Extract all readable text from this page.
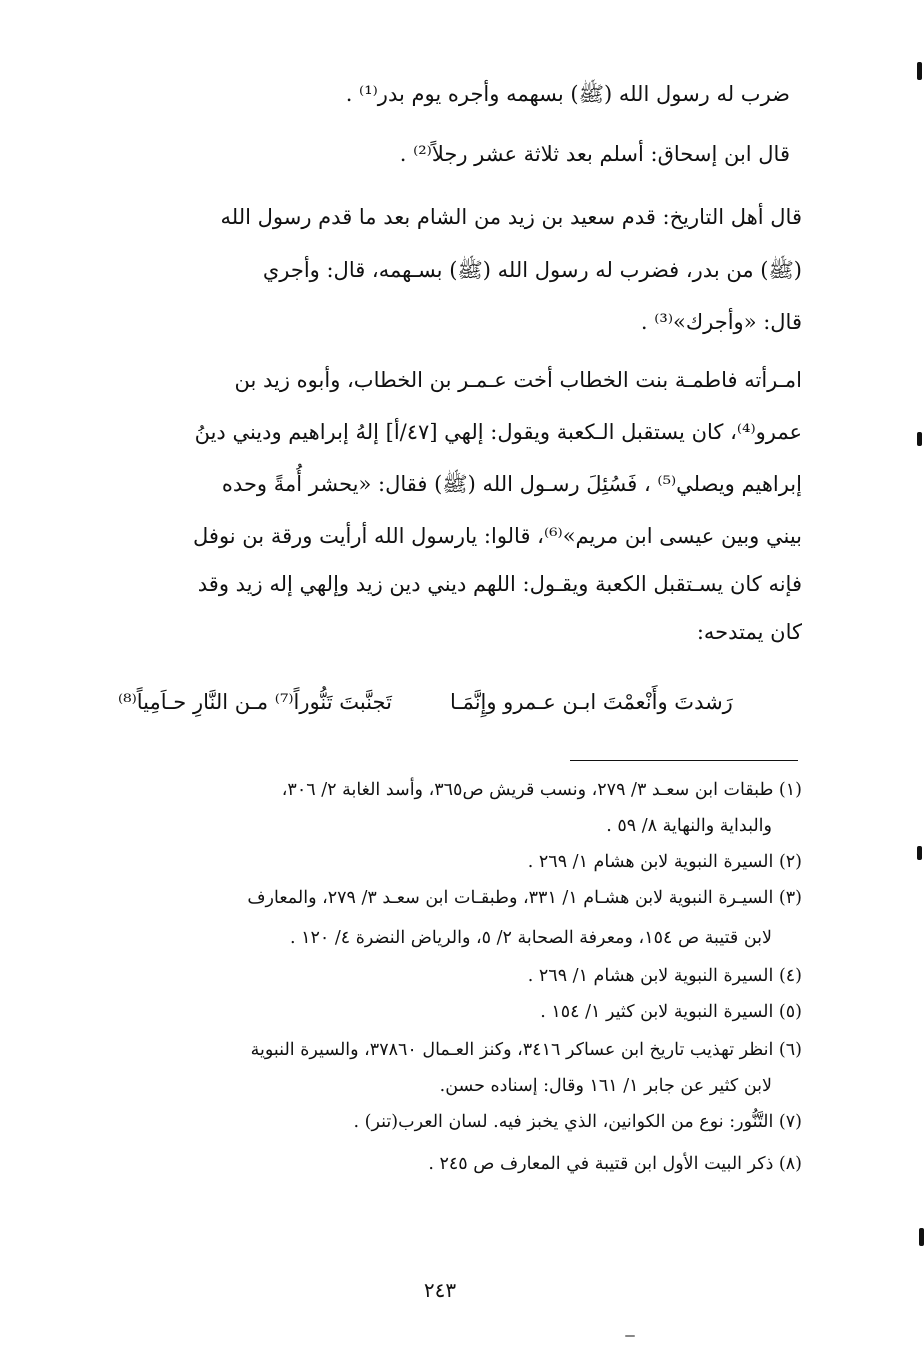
ضرب له رسول الله (ﷺ) بسهمه وأجره يوم بدر⁽¹⁾ .
قال ابن إسحاق: أسلم بعد ثلاثة عشر رجلاً⁽²⁾ .
قال أهل التاريخ: قدم سعيد بن زيد من الشام بعد ما قدم رسول الله
(ﷺ) من بدر، فضرب له رسول الله (ﷺ) بسـهمه، قال: وأجري
قال: «وأجرك»⁽³⁾ .
امـرأته فاطمـة بنت الخطاب أخت عـمـر بن الخطاب، وأبوه زيد بن
عمرو⁽⁴⁾، كان يستقبل الـكعبة ويقول: إلهي [٤٧/أ] إلهُ إبراهيم وديني دينُ
إبراهيم ويصلي⁽⁵⁾ ، فَسُئِلَ رسـول الله (ﷺ) فقال: «يحشر أُمةً وحده
بيني وبين عيسى ابن مريم»⁽⁶⁾، قالوا: يارسول الله أرأيت ورقة بن نوفل
فإنه كان يسـتقبل الكعبة ويقـول: اللهم ديني دين زيد وإلهي إله زيد وقد
كان يمتدحه:
رَشدتَ وأَنْعمْتَ ابـن عـمرو وإِنَّمَـا
تَجنَّبتَ تَنُّوراً⁽⁷⁾ مـن النَّارِ حـاَمِياً⁽⁸⁾
(١) طبقات ابن سعـد ٣/ ٢٧٩، ونسب قريش ص٣٦٥، وأسد الغابة ٢/ ٣٠٦،
والبداية والنهاية ٨/ ٥٩ .
(٢) السيرة النبوية لابن هشام ١/ ٢٦٩ .
(٣) السيـرة النبوية لابن هشـام ١/ ٣٣١، وطبقـات ابن سعـد ٣/ ٢٧٩، والمعارف
لابن قتيبة ص ١٥٤، ومعرفة الصحابة ٢/ ٥، والرياض النضرة ٤/ ١٢٠ .
(٤) السيرة النبوية لابن هشام ١/ ٢٦٩ .
(٥) السيرة النبوية لابن كثير ١/ ١٥٤ .
(٦) انظر تهذيب تاريخ ابن عساكر ٣٤١٦، وكنز العـمال ٣٧٨٦٠، والسيرة النبوية
لابن كثير عن جابر ١/ ١٦١ وقال: إسناده حسن.
(٧) التَّنُّور: نوع من الكوانين، الذي يخبز فيه. لسان العرب(تنر) .
(٨) ذكر البيت الأول ابن قتيبة في المعارف ص ٢٤٥ .
٢٤٣
